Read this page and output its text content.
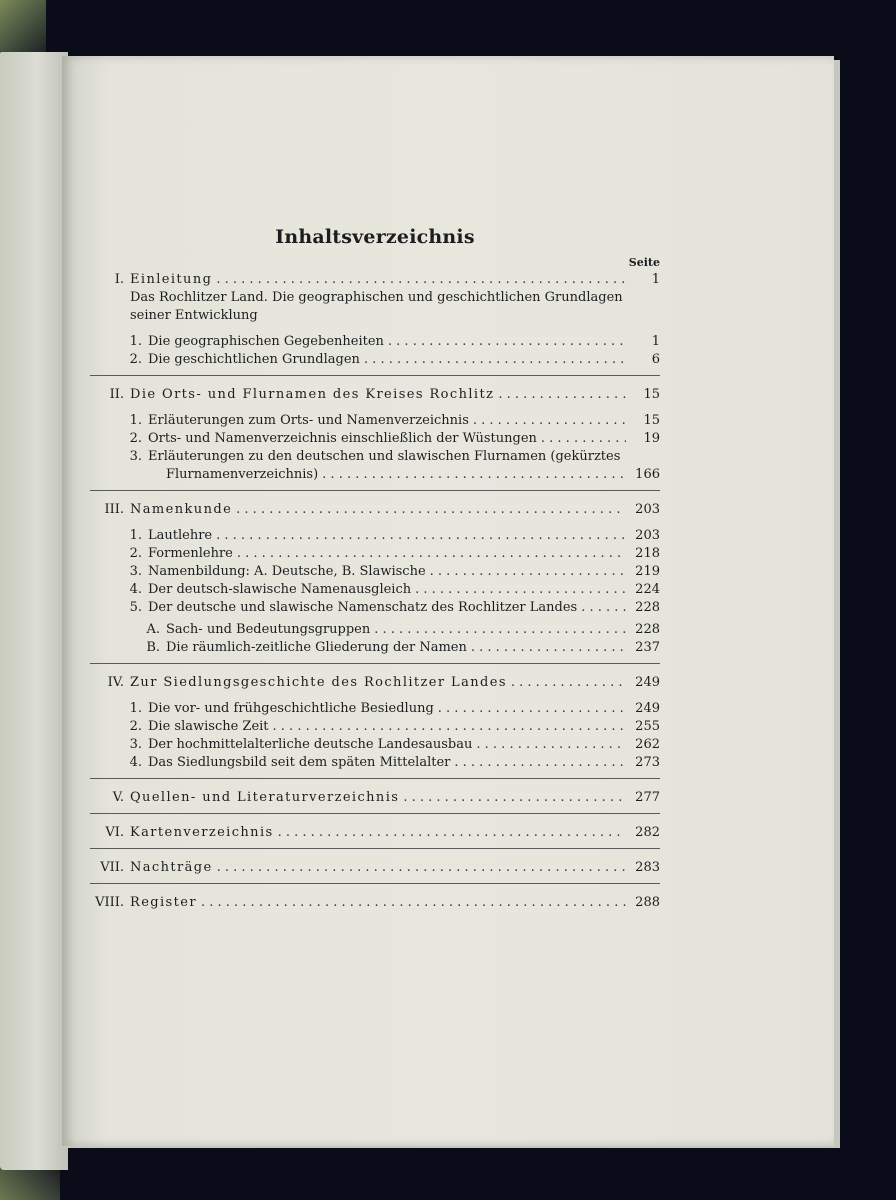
Inhaltsverzeichnis
Seite
I. Einleitung . . .	1
Das Rochlitzer Land. Die geographischen und geschichtlichen Grundlagen seiner Entwicklung
1. Die geographischen Gegebenheiten . . .	1
2. Die geschichtlichen Grundlagen . . .	6
II. Die Orts- und Flurnamen des Kreises Rochlitz . . .	15
1. Erläuterungen zum Orts- und Namenverzeichnis . . .	15
2. Orts- und Namenverzeichnis einschließlich der Wüstungen . . .	19
3. Erläuterungen zu den deutschen und slawischen Flurnamen (gekürztes
Flurnamenverzeichnis) . . .	166
III. Namenkunde . . .	203
1. Lautlehre . . .	203
2. Formenlehre . . .	218
3. Namenbildung: A. Deutsche, B. Slawische . . .	219
4. Der deutsch-slawische Namenausgleich . . .	224
5. Der deutsche und slawische Namenschatz des Rochlitzer Landes . . .	228
A. Sach- und Bedeutungsgruppen . . .	228
B. Die räumlich-zeitliche Gliederung der Namen . . .	237
IV. Zur Siedlungsgeschichte des Rochlitzer Landes . . .	249
1. Die vor- und frühgeschichtliche Besiedlung . . .	249
2. Die slawische Zeit . . .	255
3. Der hochmittelalterliche deutsche Landesausbau . . .	262
4. Das Siedlungsbild seit dem späten Mittelalter . . .	273
V. Quellen- und Literaturverzeichnis . . .	277
VI. Kartenverzeichnis . . .	282
VII. Nachträge . . .	283
VIII. Register . . .	288
